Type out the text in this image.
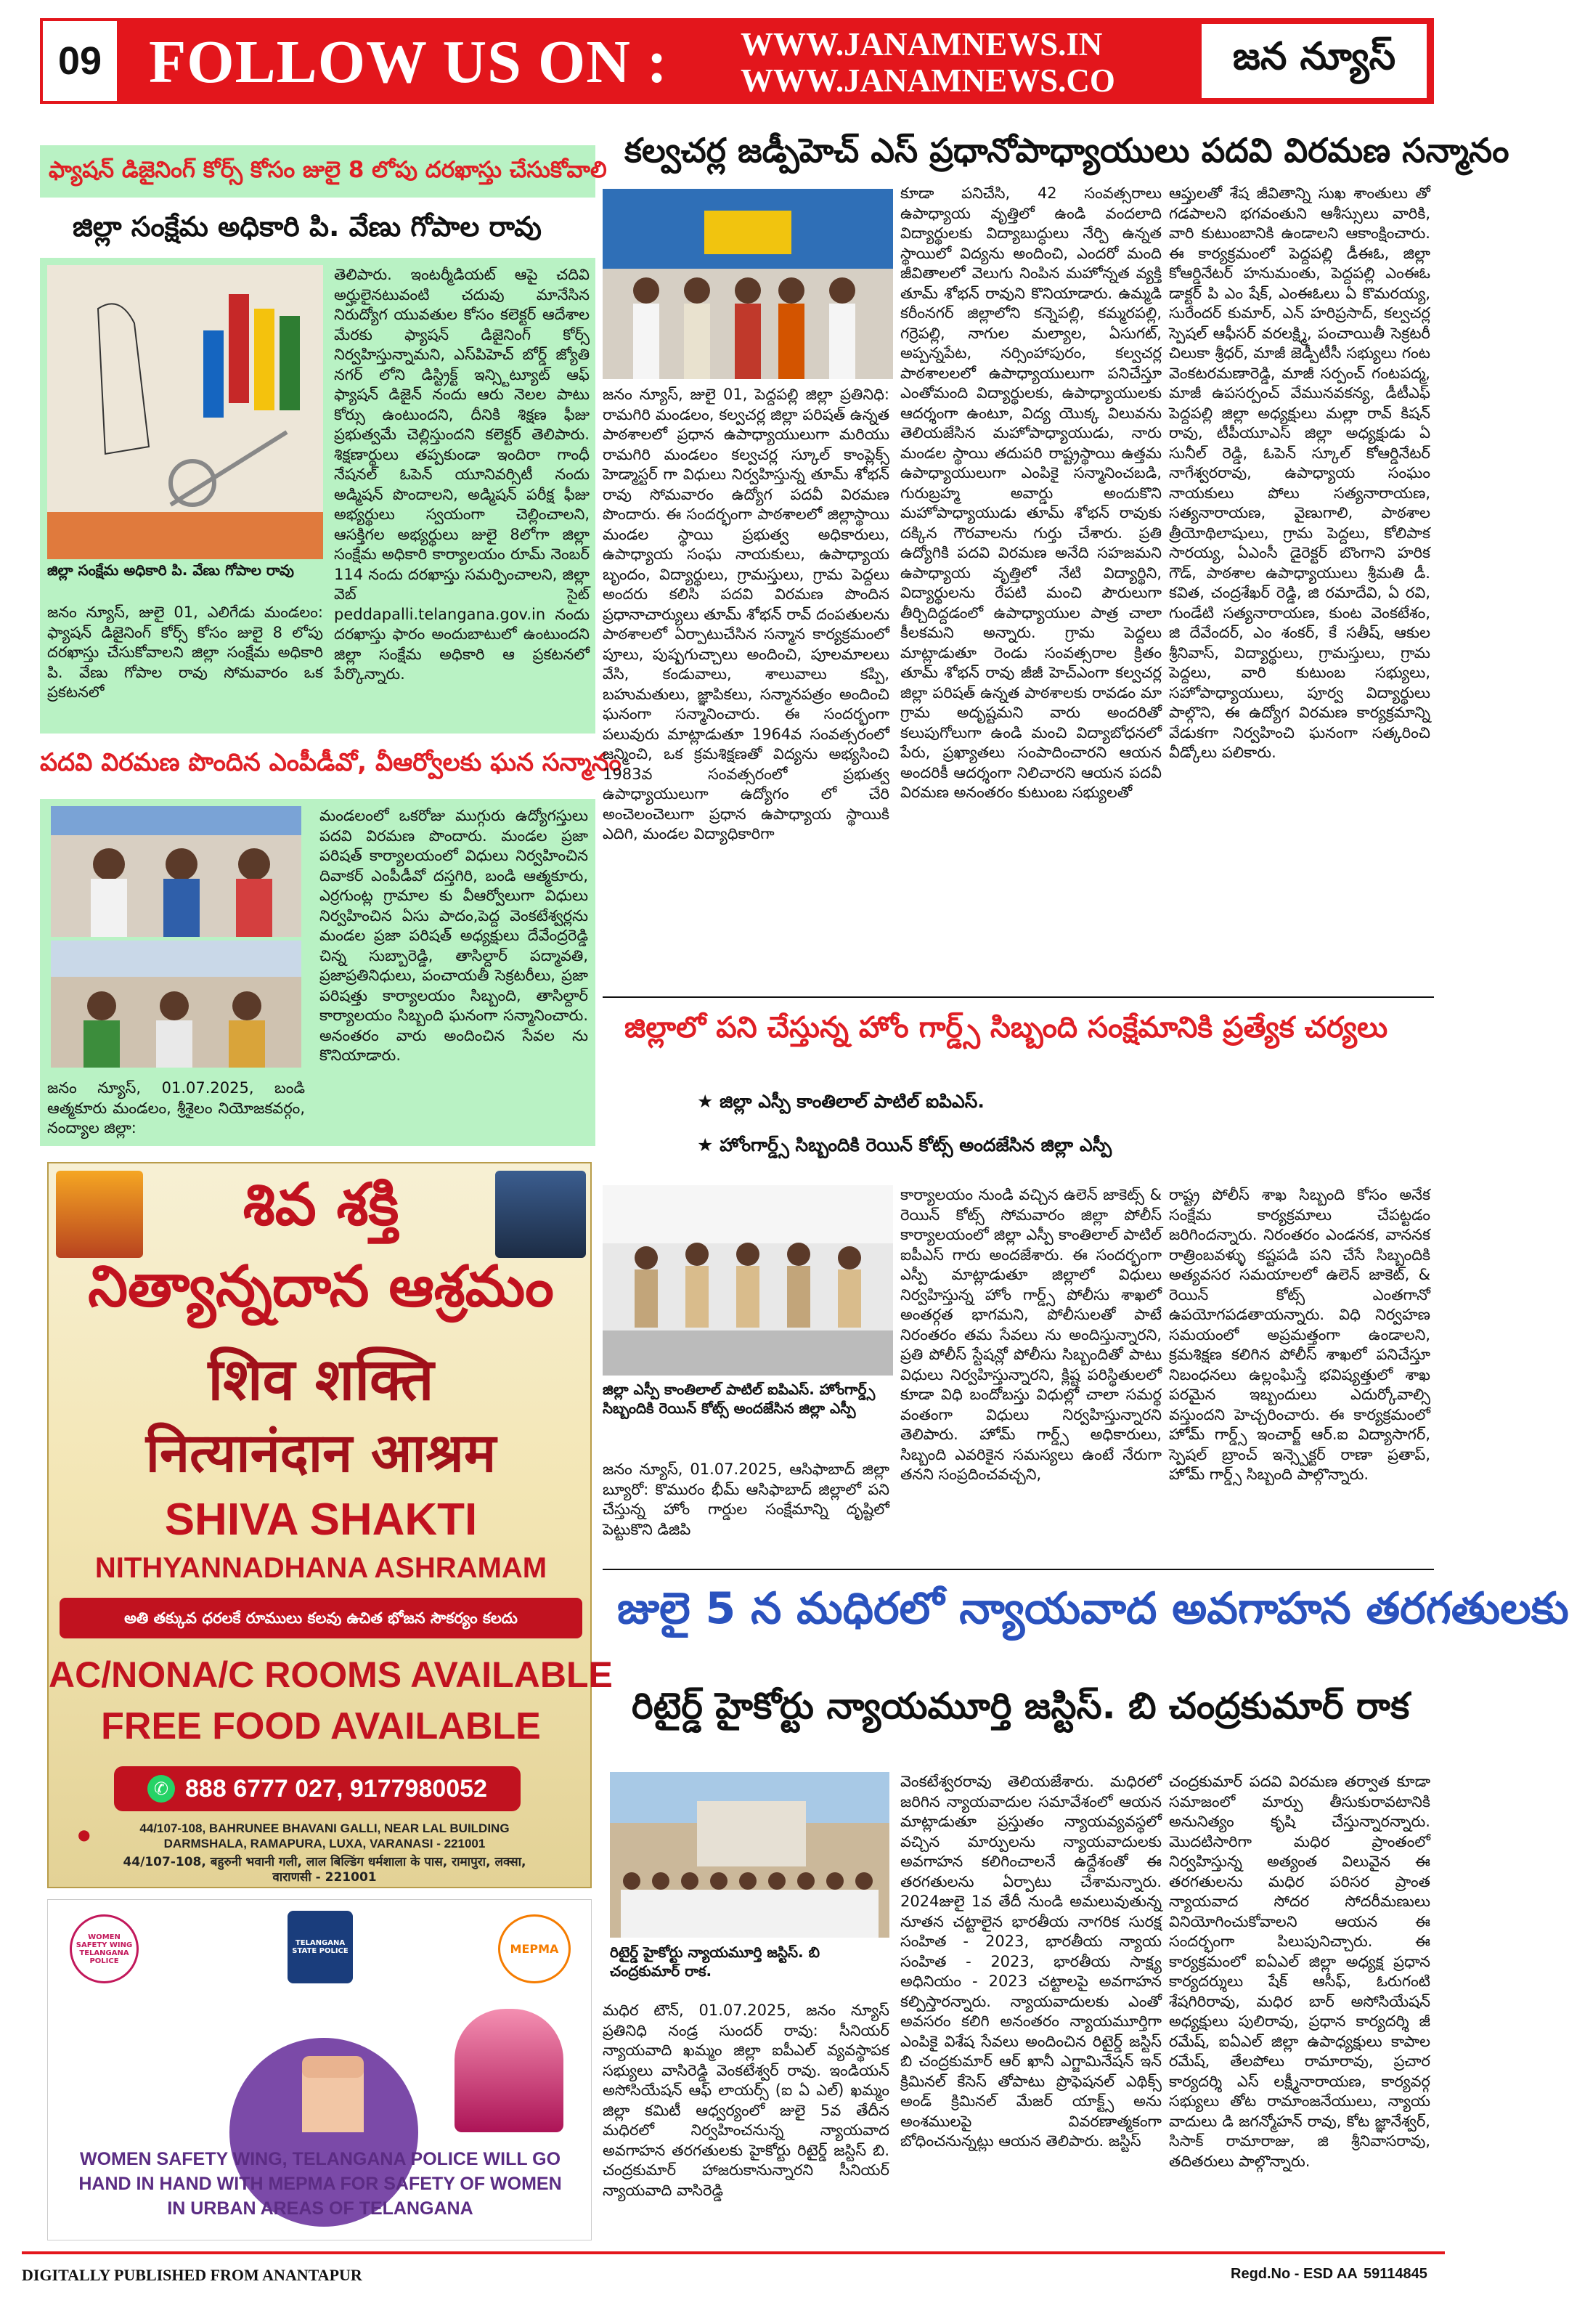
09 FOLLOW US ON : WWW.JANAMNEWS.IN
WWW.JANAMNEWS.CO
జన న్యూస్
ఫ్యాషన్ డిజైనింగ్ కోర్స్ కోసం జులై 8 లోపు దరఖాస్తు చేసుకోవాలి
జిల్లా సంక్షేమ అధికారి పి. వేణు గోపాల రావు

జిల్లా సంక్షేమ అధికారి పి. వేణు గోపాల రావు

జనం న్యూస్, జులై 01, ఎలిగేడు మండలం: ఫ్యాషన్ డిజైనింగ్ కోర్స్ కోసం జులై 8 లోపు దరఖాస్తు చేసుకోవాలని జిల్లా సంక్షేమ అధికారి పి. వేణు గోపాల రావు సోమవారం ఒక ప్రకటనలో

తెలిపారు. ఇంటర్మీడియట్ ఆపై చదివి అర్హులైనటువంటి చదువు మానేసిన నిరుద్యోగ యువతుల కోసం కలెక్టర్ ఆదేశాల మేరకు ఫ్యాషన్ డిజైనింగ్ కోర్స్ నిర్వహిస్తున్నామని, ఎస్‌పిహెచ్ బోర్డ్ జ్యోతి నగర్ లోని డిస్ట్రిక్ట్ ఇన్స్టిట్యూట్ ఆఫ్ ఫ్యాషన్ డిజైన్ నందు ఆరు నెలల పాటు కోర్సు ఉంటుందని, దీనికి శిక్షణ ఫీజు ప్రభుత్వమే చెల్లిస్తుందని కలెక్టర్ తెలిపారు. శిక్షణార్థులు తప్పకుండా ఇందిరా గాంధీ నేషనల్ ఓపెన్ యూనివర్సిటీ నందు అడ్మిషన్ పొందాలని, అడ్మిషన్ పరీక్ష ఫీజు అభ్యర్థులు స్వయంగా చెల్లించాలని, ఆసక్తిగల అభ్యర్థులు జులై 8లోగా జిల్లా సంక్షేమ అధికారి కార్యాలయం రూమ్ నెంబర్ 114 నందు దరఖాస్తు సమర్పించాలని, జిల్లా వెబ్ సైట్ peddapalli.telangana.gov.in నందు దరఖాస్తు ఫారం అందుబాటులో ఉంటుందని జిల్లా సంక్షేమ అధికారి ఆ ప్రకటనలో పేర్కొన్నారు.

పదవి విరమణ పొందిన ఎంపీడీవో, వీఆర్వోలకు ఘన సన్మానం

జనం న్యూస్, 01.07.2025, బండి ఆత్మకూరు మండలం, శ్రీశైలం నియోజకవర్గం, నంద్యాల జిల్లా:

మండలంలో ఒకరోజు ముగ్గురు ఉద్యోగస్తులు పదవి విరమణ పొందారు. మండల ప్రజా పరిషత్ కార్యాలయంలో విధులు నిర్వహించిన దివాకర్ ఎంపీడీవో దస్తగిరి, బండి ఆత్మకూరు, ఎర్రగుంట్ల గ్రామాల కు వీఆర్వోలుగా విధులు నిర్వహించిన ఏసు పాదం,పెద్ద వెంకటేశ్వర్లను మండల ప్రజా పరిషత్ అధ్యక్షులు దేవేంద్రరెడ్డి చిన్న సుబ్బారెడ్డి, తాసిల్దార్ పద్మావతి, ప్రజాప్రతినిధులు, పంచాయతీ సెక్రటరీలు, ప్రజా పరిషత్తు కార్యాలయం సిబ్బంది, తాసిల్దార్ కార్యాలయం సిబ్బంది ఘనంగా సన్మానించారు. అనంతరం వారు అందించిన సేవల ను కొనియాడారు.

శివ శక్తి
నిత్యాన్నదాన ఆశ్రమం
शिव शक्ति
नित्यानंदान आश्रम
SHIVA SHAKTI
NITHYANNADHANA ASHRAMAM
అతి తక్కువ ధరలకే రూములు కలవు ఉచిత భోజన సౌకర్యం కలదు
AC/NONA/C ROOMS AVAILABLE
FREE FOOD AVAILABLE
✆ 888 6777 027, 9177980052
●	44/107-108, BAHRUNEE BHAVANI GALLI, NEAR LAL BUILDING DARMSHALA, RAMAPURA, LUXA, VARANASI - 221001
44/107-108, बहुरुनी भवानी गली, लाल बिल्डिंग धर्मशाला के पास, रामापुरा, लक्सा, वाराणसी - 221001
WOMEN SAFETY WING TELANGANA POLICE
TELANGANA STATE POLICE	MEPMA
WOMEN SAFETY WING, TELANGANA POLICE WILL GO HAND IN HAND WITH MEPMA FOR SAFETY OF WOMEN IN URBAN AREAS OF TELANGANA
కల్వచర్ల జడ్పీహెచ్ ఎస్ ప్రధానోపాధ్యాయులు పదవి విరమణ సన్మానం

జనం న్యూస్, జులై 01, పెద్దపల్లి జిల్లా ప్రతినిధి: రామగిరి మండలం, కల్వచర్ల జిల్లా పరిషత్ ఉన్నత పాఠశాలలో ప్రధాన ఉపాధ్యాయులుగా మరియు రామగిరి మండలం కల్వచర్ల స్కూల్ కాంప్లెక్స్ హెడ్మాస్టర్ గా విధులు నిర్వహిస్తున్న తూమ్ శోభన్ రావు సోమవారం ఉద్యోగ పదవీ విరమణ పొందారు. ఈ సందర్భంగా పాఠశాలలో జిల్లాస్థాయి మండల స్థాయి ప్రభుత్వ అధికారులు, ఉపాధ్యాయ సంఘ నాయకులు, ఉపాధ్యాయ బృందం, విద్యార్థులు, గ్రామస్తులు, గ్రామ పెద్దలు అందరు కలిసి పదవి విరమణ పొందిన ప్రధానాచార్యులు తూమ్ శోభన్ రావ్ దంపతులను పాఠశాలలో ఏర్పాటుచేసిన సన్మాన కార్యక్రమంలో పూలు, పుష్పగుచ్చాలు అందించి, పూలమాలలు వేసి, కండువాలు, శాలువాలు కప్పి, బహుమతులు, జ్ఞాపికలు, సన్మానపత్రం అందించి ఘనంగా సన్మానించారు. ఈ సందర్భంగా పలువురు మాట్లాడుతూ 1964వ సంవత్సరంలో జన్మించి, ఒక క్రమశిక్షణతో విద్యను అభ్యసించి 1983వ సంవత్సరంలో ప్రభుత్వ ఉపాధ్యాయులుగా ఉద్యోగం లో చేరి అంచెలంచెలుగా ప్రధాన ఉపాధ్యాయ స్థాయికి ఎదిగి, మండల విద్యాధికారిగా

కూడా పనిచేసి, 42 సంవత్సరాలు ఉపాధ్యాయ వృత్తిలో ఉండి వందలాది విద్యార్థులకు విద్యాబుద్ధులు నేర్పి ఉన్నత స్థాయిలో విద్యను అందించి, ఎందరో మంది జీవితాలలో వెలుగు నింపిన మహోన్నత వ్యక్తి తూమ్ శోభన్ రావుని కొనియాడారు. ఉమ్మడి కరీంనగర్ జిల్లాలోని కన్నెపల్లి, కమ్మరపల్లి, గర్రెపల్లి, నాగుల మల్యాల, ఏసుగట్, అప్పన్నపేట, నర్సింహాపురం, కల్వచర్ల పాఠశాలలలో ఉపాధ్యాయులుగా పనిచేస్తూ ఎంతోమంది విద్యార్థులకు, ఉపాధ్యాయులకు ఆదర్శంగా ఉంటూ, విద్య యొక్క విలువను తెలియజేసిన మహోపాధ్యాయుడు, నారు మండల స్థాయి తదుపరి రాష్ట్రస్థాయి ఉత్తమ ఉపాధ్యాయులుగా ఎంపికై సన్మానించబడి, గురుబ్రహ్మ అవార్డు అందుకొని మహోపాధ్యాయుడు తూమ్ శోభన్ రావుకు దక్కిన గౌరవాలను గుర్తు చేశారు. ప్రతి ఉద్యోగికి పదవి విరమణ అనేది సహజమని ఉపాధ్యాయ వృత్తిలో నేటి విద్యార్థిని, విద్యార్థులను రేపటి మంచి పౌరులుగా తీర్చిదిద్దడంలో ఉపాధ్యాయుల పాత్ర చాలా కీలకమని అన్నారు. గ్రామ పెద్దలు మాట్లాడుతూ రెండు సంవత్సరాల క్రితం తూమ్ శోభన్ రావు జీజీ హెచ్‌ఎంగా కల్వచర్ల జిల్లా పరిషత్ ఉన్నత పాఠశాలకు రావడం మా గ్రామ అదృష్టమని వారు అందరితో కలుపుగోలుగా ఉండి మంచి విద్యాబోధనలో పేరు, ప్రఖ్యాతలు సంపాదించారని ఆయన అందరికీ ఆదర్శంగా నిలిచారని ఆయన పదవీ విరమణ అనంతరం కుటుంబ సభ్యులతో

ఆప్తులతో శేష జీవితాన్ని సుఖ శాంతులు తో గడపాలని భగవంతుని ఆశీస్సులు వారికి, వారి కుటుంబానికి ఉండాలని ఆకాంక్షించారు. ఈ కార్యక్రమంలో పెద్దపల్లి డీఈఓ, జిల్లా కోఆర్డినేటర్ హనుమంతు, పెద్దపల్లి ఎంఈఓ డాక్టర్ పి ఎం షేక్, ఎంఈఓలు ఏ కొమరయ్య, సురేందర్ కుమార్, ఎన్ హరిప్రసాద్, కల్వచర్ల స్పెషల్ ఆఫీసర్ వరలక్ష్మి, పంచాయితీ సెక్రటరీ చిలుకా శ్రీధర్, మాజీ జెడ్పీటీసీ సభ్యులు గంట వెంకటరమణారెడ్డి, మాజీ సర్పంచ్ గంటపద్మ, మాజీ ఉపసర్పంచ్ వేమునవకన్య, డీటీఎఫ్ పెద్దపల్లి జిల్లా అధ్యక్షులు మల్లా రావ్ కిషన్ రావు, టీపీయూఎస్ జిల్లా అధ్యక్షుడు ఏ సునీల్ రెడ్డి, ఓపెన్ స్కూల్ కోఆర్డినేటర్ నాగేశ్వరరావు, ఉపాధ్యాయ సంఘం నాయకులు పోలు సత్యనారాయణ, సత్యనారాయణ, వైణుగాలి, పాఠశాల త్రీయోథిలాషులు, గ్రామ పెద్దలు, కోలిపాక సారయ్య, ఏఎంసీ డైరెక్టర్ బొంగాని హరిక గౌడ్, పాఠశాల ఉపాధ్యాయులు శ్రీమతి డీ. కవిత, చంద్రశేఖర్ రెడ్డి, జి రమాదేవి, ఏ రవి, గుండేటి సత్యనారాయణ, కుంట వెంకటేశం, జి దేవేందర్, ఎం శంకర్, కే సతీష్, ఆకుల శ్రీనివాస్, విద్యార్థులు, గ్రామస్తులు, గ్రామ పెద్దలు, వారి కుటుంబ సభ్యులు, సహోపాధ్యాయులు, పూర్వ విద్యార్థులు పాల్గొని, ఈ ఉద్యోగ విరమణ కార్యక్రమాన్ని వేడుకగా నిర్వహించి ఘనంగా సత్కరించి వీడ్కోలు పలికారు.

జిల్లాలో పని చేస్తున్న హోం గార్డ్స్ సిబ్బంది సంక్షేమానికి ప్రత్యేక చర్యలు
★ జిల్లా ఎస్పీ కాంతిలాల్ పాటిల్ ఐపిఎస్.
★ హోంగార్డ్స్ సిబ్బందికి రెయిన్ కోట్స్ అందజేసిన జిల్లా ఎస్పీ

జిల్లా ఎస్పీ కాంతిలాల్ పాటిల్ ఐపిఎస్. హోంగార్డ్స్ సిబ్బందికి రెయిన్ కోట్స్ అందజేసిన జిల్లా ఎస్పీ

జనం న్యూస్, 01.07.2025, ఆసిఫాబాద్ జిల్లా బ్యూరో: కొమురం భీమ్ ఆసిఫాబాద్ జిల్లాలో పని చేస్తున్న హోం గార్డుల సంక్షేమాన్ని దృష్టిలో పెట్టుకొని డిజిపి

కార్యాలయం నుండి వచ్చిన ఉలెన్ జాకెట్స్ & రెయిన్ కోట్స్ సోమవారం జిల్లా పోలీస్ కార్యాలయంలో జిల్లా ఎస్పీ కాంతిలాల్ పాటిల్ ఐపీఎస్ గారు అందజేశారు. ఈ సందర్భంగా ఎస్పీ మాట్లాడుతూ జిల్లాలో విధులు నిర్వహిస్తున్న హోం గార్డ్స్ పోలీసు శాఖలో అంతర్గత భాగమని, పోలీసులతో పాటే నిరంతరం తమ సేవలు ను అందిస్తున్నారని, ప్రతి పోలీస్ స్టేషన్లో పోలీసు సిబ్బందితో పాటు విధులు నిర్వహిస్తున్నారని, క్లిష్ట పరిస్థితులలో కూడా విధి బందోబస్తు విధుల్లో చాలా సమర్థ వంతంగా విధులు నిర్వహిస్తున్నారని తెలిపారు. హోమ్ గార్డ్స్ అధికారులు, సిబ్బంది ఎవరికైన సమస్యలు ఉంటే నేరుగా తనని సంప్రదించవచ్చని,

రాష్ట్ర పోలీస్ శాఖ సిబ్బంది కోసం అనేక సంక్షేమ కార్యక్రమాలు చేపట్టడం జరిగిందన్నారు. నిరంతరం ఎండనక, వాననక రాత్రింబవళ్ళు కష్టపడి పని చేసే సిబ్బందికి అత్యవసర సమయాలలో ఉలెన్ జాకెట్, & రెయిన్ కోట్స్ ఎంతగానో ఉపయోగపడతాయన్నారు. విధి నిర్వహణ సమయంలో అప్రమత్తంగా ఉండాలని, క్రమశిక్షణ కలిగిన పోలీస్ శాఖలో పనిచేస్తూ నిబంధనలు ఉల్లంఘిస్తే భవిష్యత్తులో శాఖ పరమైన ఇబ్బందులు ఎదుర్కోవాల్సి వస్తుందని హెచ్చరించారు. ఈ కార్యక్రమంలో హోమ్ గార్డ్స్ ఇంచార్జ్ ఆర్.ఐ విద్యాసాగర్, స్పెషల్ బ్రాంచ్ ఇన్స్పెక్టర్ రాణా ప్రతాప్, హోమ్ గార్డ్స్ సిబ్బంది పాల్గొన్నారు.

జులై 5 న మధిరలో న్యాయవాద అవగాహన తరగతులకు
రిటైర్డ్ హైకోర్టు న్యాయమూర్తి జస్టిస్. బి చంద్రకుమార్ రాక

రిటైర్డ్ హైకోర్టు న్యాయమూర్తి జస్టిస్. బి చంద్రకుమార్ రాక.

మధిర టౌన్, 01.07.2025, జనం న్యూస్ ప్రతినిధి నండ్ర సుందర్ రావు: సీనియర్ న్యాయవాది ఖమ్మం జిల్లా ఐపీఎల్ వ్యవస్థాపక సభ్యులు వాసిరెడ్డి వెంకటేశ్వర్ రావు. ఇండియన్ అసోసియేషన్ ఆఫ్ లాయర్స్ (ఐ ఏ ఎల్) ఖమ్మం జిల్లా కమిటీ ఆధ్వర్యంలో జులై 5వ తేదీన మధిరలో నిర్వహించనున్న న్యాయవాద అవగాహన తరగతులకు హైకోర్టు రిటైర్డ్ జస్టిస్ బి. చంద్రకుమార్ హాజరుకానున్నారని సీనియర్ న్యాయవాది వాసిరెడ్డి

వెంకటేశ్వరరావు తెలియజేశారు. మధిరలో జరిగిన న్యాయవాదుల సమావేశంలో ఆయన మాట్లాడుతూ ప్రస్తుతం న్యాయవ్యవస్థలో వచ్చిన మార్పులను న్యాయవాదులకు అవగాహన కలిగించాలనే ఉద్దేశంతో ఈ తరగతులను ఏర్పాటు చేశామన్నారు. 2024జులై 1వ తేదీ నుండి అమలువుతున్న నూతన చట్టాలైన భారతీయ నాగరిక సురక్ష సంహిత - 2023, భారతీయ న్యాయ సంహిత - 2023, భారతీయ సాక్ష్య అధినియం - 2023 చట్టాలపై అవగాహన కల్పిస్తారన్నారు. న్యాయవాదులకు ఎంతో అవసరం కలిగి అనంతరం న్యాయమూర్తిగా ఎంపికై విశేష సేవలు అందించిన రిటైర్డ్ జస్టిస్ బి చంద్రకుమార్ ఆర్ ఖానీ ఎగ్జామినేషన్ ఇన్ క్రిమినల్ కేసెస్ తోపాటు ప్రొఫెషనల్ ఎథిక్స్ అండ్ క్రిమినల్ మేజర్ యాక్ట్స్ అను అంశములపై వివరణాత్మకంగా బోధించనున్నట్లు ఆయన తెలిపారు. జస్టిస్

చంద్రకుమార్ పదవి విరమణ తర్వాత కూడా సమాజంలో మార్పు తీసుకురావటానికి అనునిత్యం కృషి చేస్తున్నారన్నారు. మొదటిసారిగా మధిర ప్రాంతంలో నిర్వహిస్తున్న అత్యంత విలువైన ఈ తరగతులను మధిర పరిసర ప్రాంత న్యాయవాద సోదర సోదరీమణులు వినియోగించుకోవాలని ఆయన ఈ సందర్భంగా పిలుపునిచ్చారు. ఈ కార్యక్రమంలో ఐఏఎల్ జిల్లా అధ్యక్ష ప్రధాన కార్యదర్శులు షేక్ ఆసీఫ్, ఓరుగంటి శేషగిరిరావు, మధిర బార్ అసోసియేషన్ అధ్యక్షులు పులిరావు, ప్రధాన కార్యదర్శి జీ రమేష్, ఐఏఎల్ జిల్లా ఉపాధ్యక్షులు కాపాల రమేష్, తేలపోలు రామారావు, ప్రచార కార్యదర్శి ఎస్ లక్ష్మీనారాయణ, కార్యవర్గ సభ్యులు తోట రామాంజనేయులు, న్యాయ వాదులు డి జగన్మోహన్ రావు, కోట జ్ఞానేశ్వర్, సిసాక్ రామారాజు, జి శ్రీనివాసరావు, తదితరులు పాల్గొన్నారు.

DIGITALLY PUBLISHED FROM ANANTAPUR	Regd.No - ESD AA 59114845
